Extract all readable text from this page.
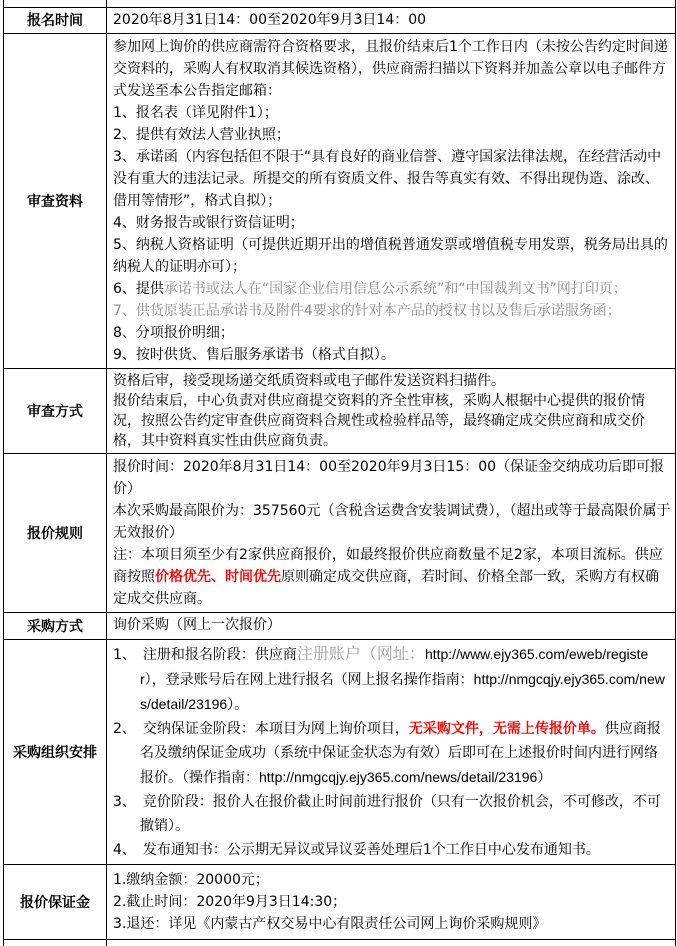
报名时间	2020年8月31日14：00至2020年9月3日14：00

审查资料	
参加网上询价的供应商需符合资格要求，且报价结束后1个工作日内（未按公告约定时间递交资料的，采购人有权取消其候选资格），供应商需扫描以下资料并加盖公章以电子邮件方式发送至本公告指定邮箱：
1、报名表（详见附件1）；
2、提供有效法人营业执照；
3、承诺函（内容包括但不限于“具有良好的商业信誉、遵守国家法律法规，在经营活动中没有重大的违法记录。所提交的所有资质文件、报告等真实有效、不得出现伪造、涂改、借用等情形”，格式自拟）；
4、财务报告或银行资信证明；
5、纳税人资格证明（可提供近期开出的增值税普通发票或增值税专用发票，税务局出具的纳税人的证明亦可）；
6、提供承诺书或法人在“国家企业信用信息公示系统”和“中国裁判文书”网打印页；
7、供货原装正品承诺书及附件4要求的针对本产品的授权书以及售后承诺服务函；
8、分项报价明细；
9、按时供货、售后服务承诺书（格式自拟）。

审查方式	资格后审，接受现场递交纸质资料或电子邮件发送资料扫描件。
报价结束后，中心负责对供应商提交资料的齐全性审核，采购人根据中心提供的报价情况，按照公告约定审查供应商资料合规性或检验样品等，最终确定成交供应商和成交价格，其中资料真实性由供应商负责。

报价规则	报价时间：2020年8月31日14：00至2020年9月3日15：00（保证金交纳成功后即可报价）
本次采购最高限价为：357560元（含税含运费含安装调试费），（超出或等于最高限价属于无效报价）
注：本项目须至少有2家供应商报价，如最终报价供应商数量不足2家，本项目流标。供应商按照价格优先、时间优先原则确定成交供应商，若时间、价格全部一致，采购方有权确定成交供应商。

采购方式	询价采购（网上一次报价）

采购组织安排	1、 注册和报名阶段：供应商注册账户（网址：http://www.ejy365.com/eweb/register），登录账号后在网上进行报名（网上报名操作指南：http://nmgcqjy.ejy365.com/news/detail/23196）。
2、 交纳保证金阶段：本项目为网上询价项目，无采购文件，无需上传报价单。供应商报名及缴纳保证金成功（系统中保证金状态为有效）后即可在上述报价时间内进行网络报价。（操作指南：http://nmgcqjy.ejy365.com/news/detail/23196）
3、 竞价阶段：报价人在报价截止时间前进行报价（只有一次报价机会，不可修改，不可撤销）。
4、 发布通知书：公示期无异议或异议妥善处理后1个工作日中心发布通知书。

报价保证金	1.缴纳金额：20000元；
2.截止时间：2020年9月3日14:30；
3.退还：详见《内蒙古产权交易中心有限责任公司网上询价采购规则》
